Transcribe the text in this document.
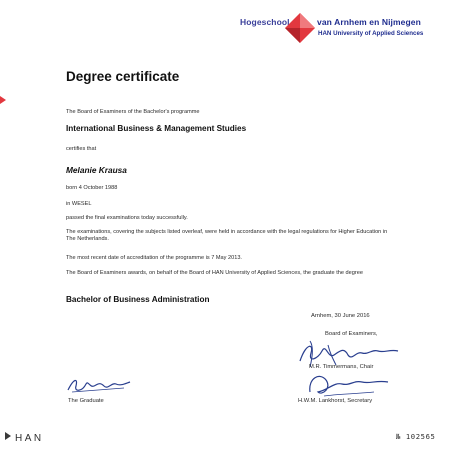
Hogeschool	van Arnhem en Nijmegen
HAN University of Applied Sciences
Degree certificate
The Board of Examiners of the Bachelor's programme
International Business & Management Studies
certifies that
Melanie Krausa
born 4 October 1988
in WESEL
passed the final examinations today successfully.
The examinations, covering the subjects listed overleaf, were held in accordance with the legal regulations for Higher Education in The Netherlands.
The most recent date of accreditation of the programme is 7 May 2013.
The Board of Examiners awards, on behalf of the Board of HAN University of Applied Sciences, the graduate the degree
Bachelor of Business Administration
Arnhem, 30 June 2016
Board of Examiners,
M.R. Timmermans, Chair
The Graduate	H.W.M. Lankhorst, Secretary
HAN	№ 102565
